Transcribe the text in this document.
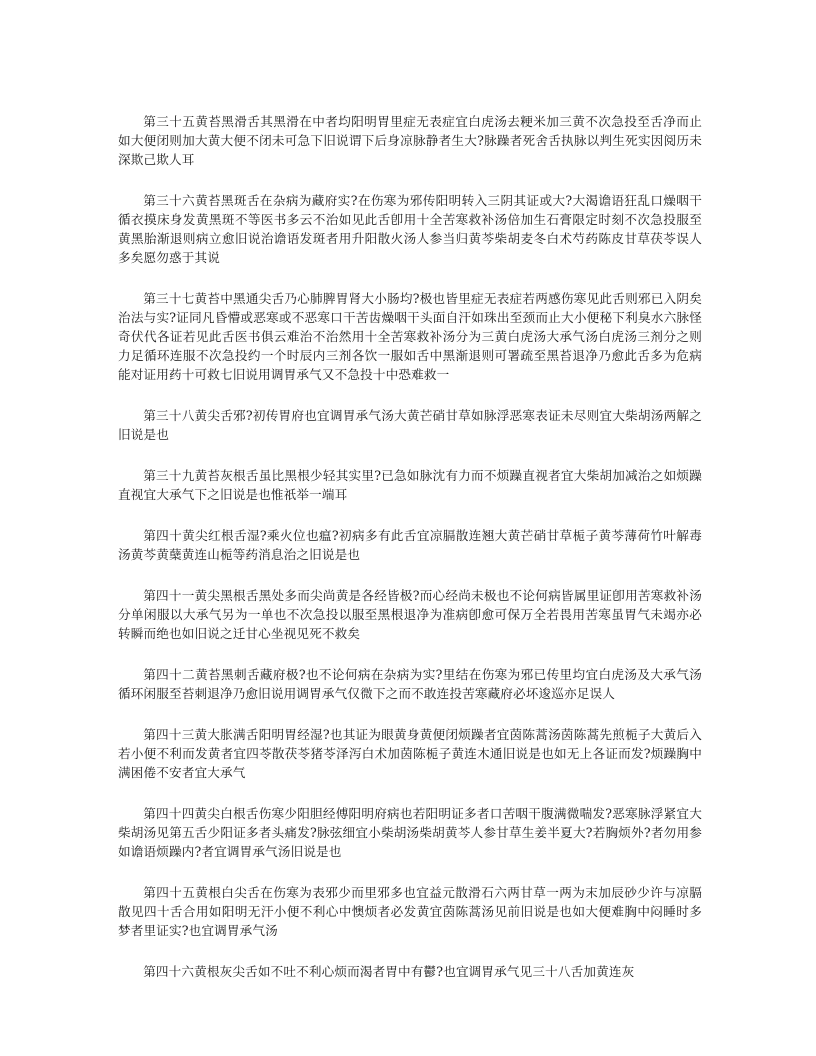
第三十五黄苔黑滑舌其黑滑在中者均阳明胃里症无表症宜白虎汤去粳米加三黄不次急投至舌净而止如大便闭则加大黄大便不闭未可急下旧说谓下后身凉脉静者生大?脉躁者死舍舌执脉以判生死实因阅历未深欺己欺人耳

第三十六黄苔黑斑舌在杂病为藏府实?在伤寒为邪传阳明转入三阴其证或大?大渴谵语狂乱口燥咽干循衣摸床身发黄黑斑不等医书多云不治如见此舌卽用十全苦寒救补汤倍加生石膏限定时刻不次急投服至黄黑胎渐退则病立愈旧说治谵语发斑者用升阳散火汤人参当归黄芩柴胡麦冬白术芍药陈皮甘草茯苓误人多矣愿勿惑于其说

第三十七黄苔中黑通尖舌乃心肺脾胃肾大小肠均?极也皆里症无表症若两感伤寒见此舌则邪已入阴矣治法与实?证同凡昏懵或恶寒或不恶寒口干苦齿燥咽干头面自汗如珠出至颈而止大小便秘下利臭水六脉怪奇伏代各证若见此舌医书俱云难治不治然用十全苦寒救补汤分为三黄白虎汤大承气汤白虎汤三剂分之则力足循环连服不次急投约一个时辰内三剂各饮一服如舌中黑渐退则可署疏至黑苔退净乃愈此舌多为危病能对证用药十可救七旧说用调胃承气又不急投十中恐难救一

第三十八黄尖舌邪?初传胃府也宜调胃承气汤大黄芒硝甘草如脉浮恶寒表证未尽则宜大柴胡汤两解之旧说是也

第三十九黄苔灰根舌虽比黑根少轻其实里?已急如脉沈有力而不烦躁直视者宜大柴胡加减治之如烦躁直视宜大承气下之旧说是也惟祇举一端耳

第四十黄尖红根舌湿?乘火位也瘟?初病多有此舌宜凉膈散连翘大黄芒硝甘草栀子黄芩薄荷竹叶解毒汤黄芩黄蘖黄连山栀等药消息治之旧说是也

第四十一黄尖黑根舌黑处多而尖尚黄是各经皆极?而心经尚未极也不论何病皆属里证卽用苦寒救补汤分单闲服以大承气另为一单也不次急投以服至黑根退净为准病卽愈可保万全若畏用苦寒虽胃气未竭亦必转瞬而绝也如旧说之迁甘心坐视见死不救矣

第四十二黄苔黑刺舌藏府极?也不论何病在杂病为实?里结在伤寒为邪已传里均宜白虎汤及大承气汤循环闲服至苔刺退净乃愈旧说用调胃承气仅微下之而不敢连投苦寒藏府必坏逡巡亦足误人

第四十三黄大胀满舌阳明胃经湿?也其证为眼黄身黄便闭烦躁者宜茵陈蒿汤茵陈蒿先煎栀子大黄后入若小便不利而发黄者宜四苓散茯苓猪苓泽泻白术加茵陈栀子黄连木通旧说是也如无上各证而发?烦躁胸中满困倦不安者宜大承气

第四十四黄尖白根舌伤寒少阳胆经傅阳明府病也若阳明证多者口苦咽干腹满微喘发?恶寒脉浮紧宜大柴胡汤见第五舌少阳证多者头痛发?脉弦细宜小柴胡汤柴胡黄芩人参甘草生姜半夏大?若胸烦外?者勿用参如谵语烦躁内?者宜调胃承气汤旧说是也

第四十五黄根白尖舌在伤寒为表邪少而里邪多也宜益元散滑石六两甘草一两为末加辰砂少许与凉膈散见四十舌合用如阳明无汗小便不利心中懊烦者必发黄宜茵陈蒿汤见前旧说是也如大便难胸中闷睡时多梦者里证实?也宜调胃承气汤

第四十六黄根灰尖舌如不吐不利心烦而渴者胃中有鬱?也宜调胃承气见三十八舌加黄连灰
